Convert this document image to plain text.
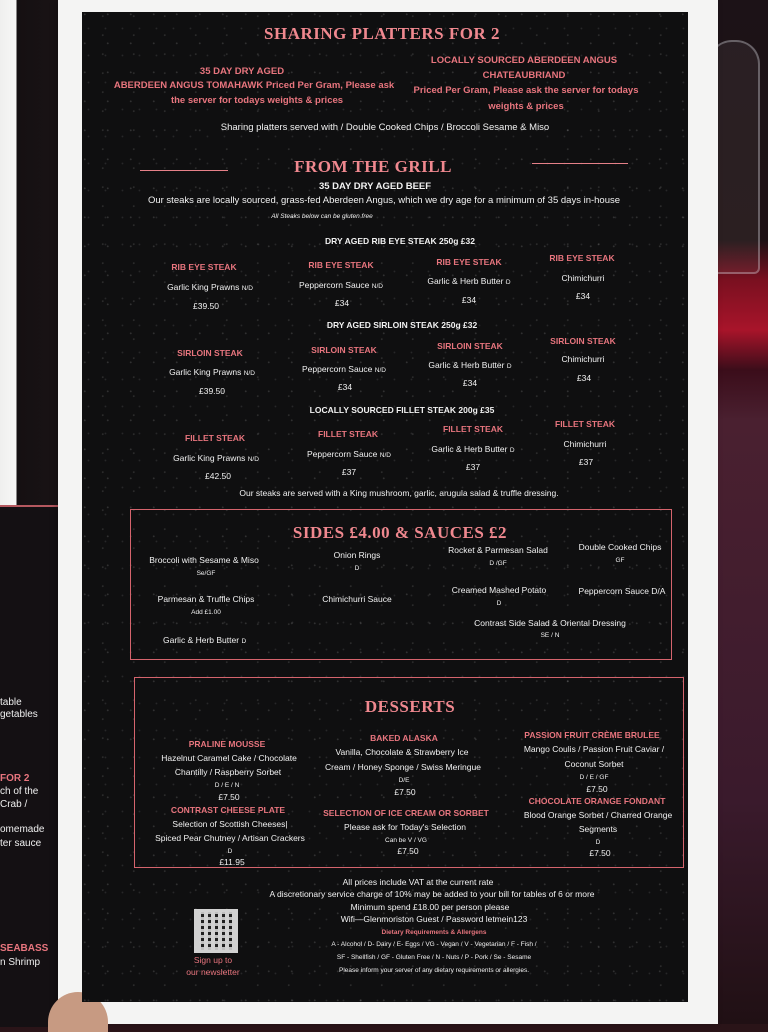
table
getables
FOR 2
ch of the
Crab /
omemade
ter sauce
SEABASS
n Shrimp
SHARING PLATTERS FOR 2
35 DAY DRY AGED
ABERDEEN ANGUS TOMAHAWK Priced Per Gram, Please ask
the server for todays weights & prices
LOCALLY SOURCED ABERDEEN ANGUS
CHATEAUBRIAND
Priced Per Gram, Please ask the server for todays
weights & prices
Sharing platters served with / Double Cooked Chips / Broccoli Sesame & Miso
FROM THE GRILL
35 DAY DRY AGED BEEF
Our steaks are locally sourced, grass-fed Aberdeen Angus, which we dry age for a minimum of 35 days in-house
All Steaks below can be gluten free
DRY AGED RIB EYE STEAK 250g £32
RIB EYE STEAK
Garlic King Prawns N/D
£39.50
RIB EYE STEAK
Peppercorn Sauce N/D
£34
RIB EYE STEAK
Garlic & Herb Butter D
£34
RIB EYE STEAK
Chimichurri
£34
DRY AGED SIRLOIN STEAK 250g £32
SIRLOIN STEAK
Garlic King Prawns N/D
£39.50
SIRLOIN STEAK
Peppercorn Sauce N/D
£34
SIRLOIN STEAK
Garlic & Herb Butter D
£34
SIRLOIN STEAK
Chimichurri
£34
LOCALLY SOURCED FILLET STEAK 200g £35
FILLET STEAK
Garlic King Prawns N/D
£42.50
FILLET STEAK
Peppercorn Sauce N/D
£37
FILLET STEAK
Garlic & Herb Butter D
£37
FILLET STEAK
Chimichurri
£37
Our steaks are served with a King mushroom, garlic, arugula salad & truffle dressing.
SIDES £4.00 & SAUCES £2
Broccoli with Sesame & Miso
Se/GF
Onion Rings
D
Rocket & Parmesan Salad
D /GF
Double Cooked Chips
GF
Parmesan & Truffle Chips
Add £1.00
Chimichurri Sauce
Creamed Mashed Potato
D
Peppercorn Sauce D/A
Garlic & Herb Butter D
Contrast Side Salad & Oriental Dressing
SE / N
DESSERTS
PRALINE MOUSSE
Hazelnut Caramel Cake / Chocolate
Chantilly / Raspberry Sorbet
D / E / N
£7.50
BAKED ALASKA
Vanilla, Chocolate & Strawberry Ice
Cream / Honey Sponge / Swiss Meringue
D/E
£7.50
PASSION FRUIT CRÈME BRULEE
Mango Coulis / Passion Fruit Caviar /
Coconut Sorbet
D / E / GF
£7.50
CONTRAST CHEESE PLATE
Selection of Scottish Cheeses|
Spiced Pear Chutney / Artisan Crackers
D
£11.95
SELECTION OF ICE CREAM OR SORBET
Please ask for Today's Selection
Can be V / VG
£7.50
CHOCOLATE ORANGE FONDANT
Blood Orange Sorbet / Charred Orange
Segments
D
£7.50
All prices include VAT at the current rate
A discretionary service charge of 10% may be added to your bill for tables of 6 or more
Minimum spend £18.00 per person please
Wifi—Glenmoriston Guest / Password letmein123
Dietary Requirements & Allergens
A - Alcohol / D- Dairy / E- Eggs / VG - Vegan / V - Vegetarian / F - Fish /
SF - Shellfish / GF - Gluten Free / N - Nuts / P - Pork / Se - Sesame
Please inform your server of any dietary requirements or allergies.
Sign up to
our newsletter
